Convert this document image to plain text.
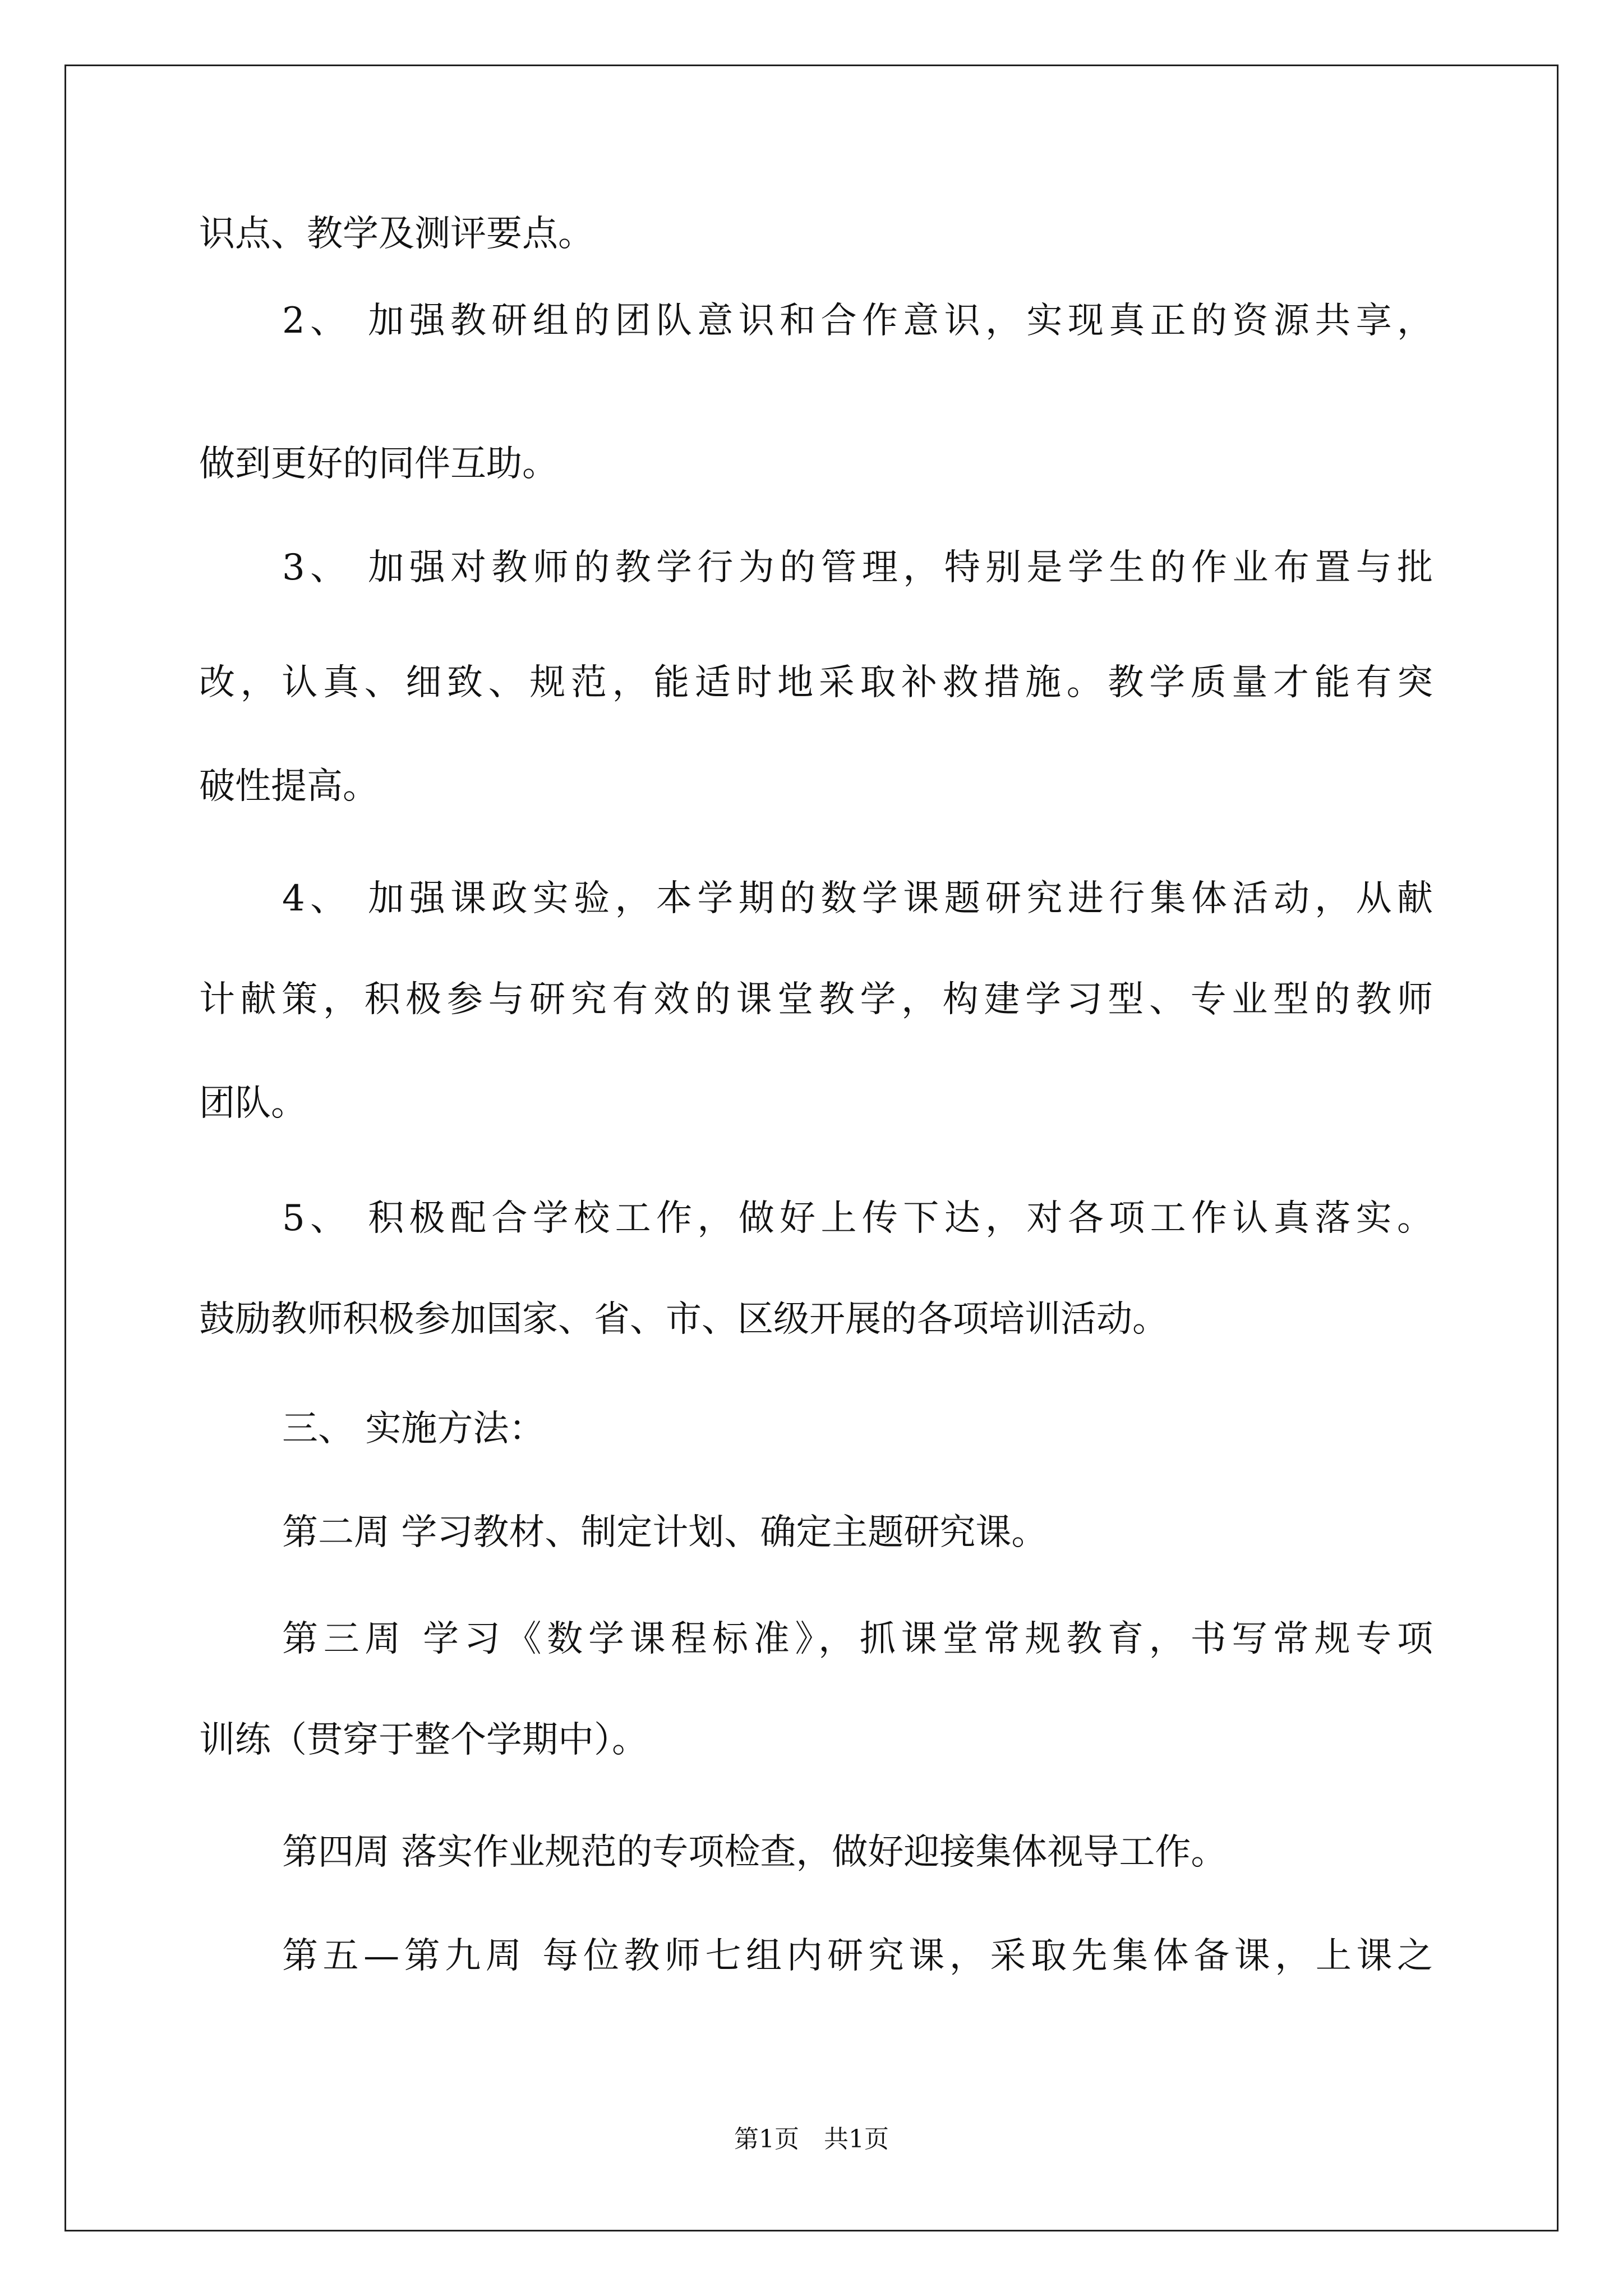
识点、教学及测评要点。
2、 加强教研组的团队意识和合作意识，实现真正的资源共享，
做到更好的同伴互助。
3、 加强对教师的教学行为的管理，特别是学生的作业布置与批
改，认真、细致、规范，能适时地采取补救措施。教学质量才能有突
破性提高。
4、 加强课政实验，本学期的数学课题研究进行集体活动，从献
计献策，积极参与研究有效的课堂教学，构建学习型、专业型的教师
团队。
5、 积极配合学校工作，做好上传下达，对各项工作认真落实。
鼓励教师积极参加国家、省、市、区级开展的各项培训活动。
三、 实施方法：
第二周 学习教材、制定计划、确定主题研究课。
第三周 学习《数学课程标准》，抓课堂常规教育，书写常规专项
训练（贯穿于整个学期中）。
第四周 落实作业规范的专项检查，做好迎接集体视导工作。
第五—第九周 每位教师七组内研究课，采取先集体备课，上课之
第1页　共1页
